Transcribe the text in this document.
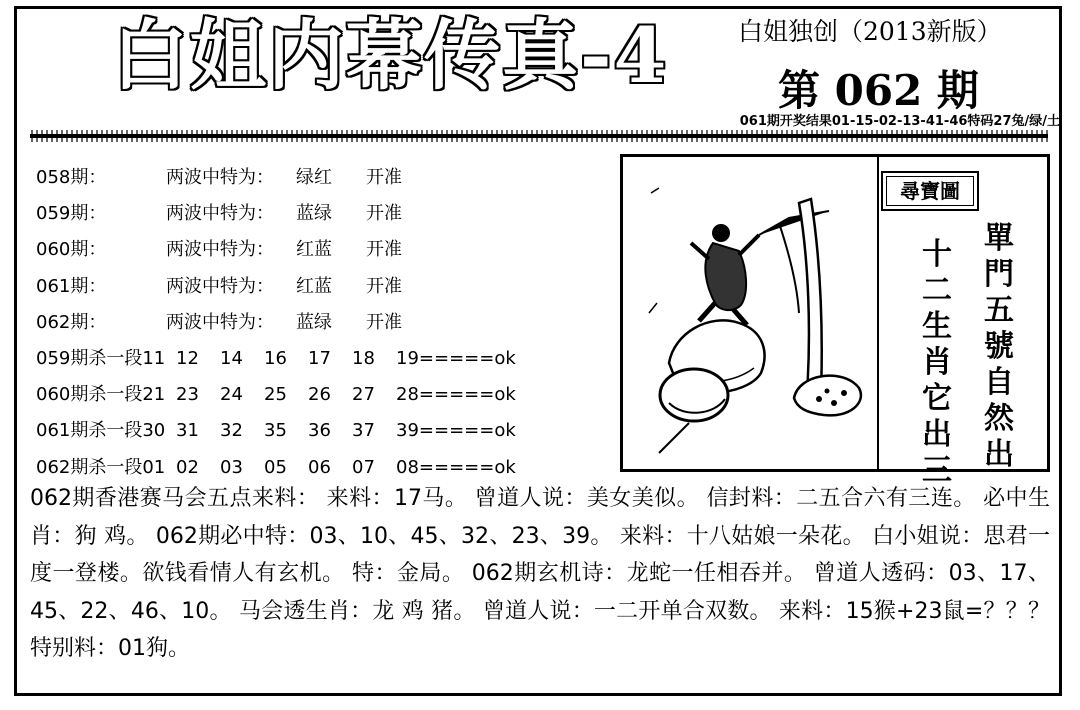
白姐内幕传真-4	白姐独创（2013新版）
第 062 期
061期开奖结果01-15-02-13-41-46特码27兔/绿/土
058期：	两波中特为： 绿红 开准
059期：	两波中特为： 蓝绿 开准
060期：	两波中特为： 红蓝 开准
061期：	两波中特为： 红蓝 开准
062期：	两波中特为： 蓝绿 开准
059期杀一段11 12 14 16 17 18 19=====ok
060期杀一段21 23 24 25 26 27 28=====ok
061期杀一段30 31 32 35 36 37 39=====ok
062期杀一段01 02 03 05 06 07 08=====ok
尋寶圖
十二生肖它出三
單門五號自然出
062期香港赛马会五点来料： 来料：17马。 曾道人说：美女美似。 信封料：二五合六有三连。 必中生肖：狗 鸡。 062期必中特：03、10、45、32、23、39。 来料：十八姑娘一朵花。 白小姐说：思君一度一登楼。欲钱看情人有玄机。 特：金局。 062期玄机诗：龙蛇一任相吞并。 曾道人透码：03、17、45、22、46、10。 马会透生肖：龙 鸡 猪。 曾道人说：一二开单合双数。 来料：15猴+23鼠=？？？ 特别料：01狗。
